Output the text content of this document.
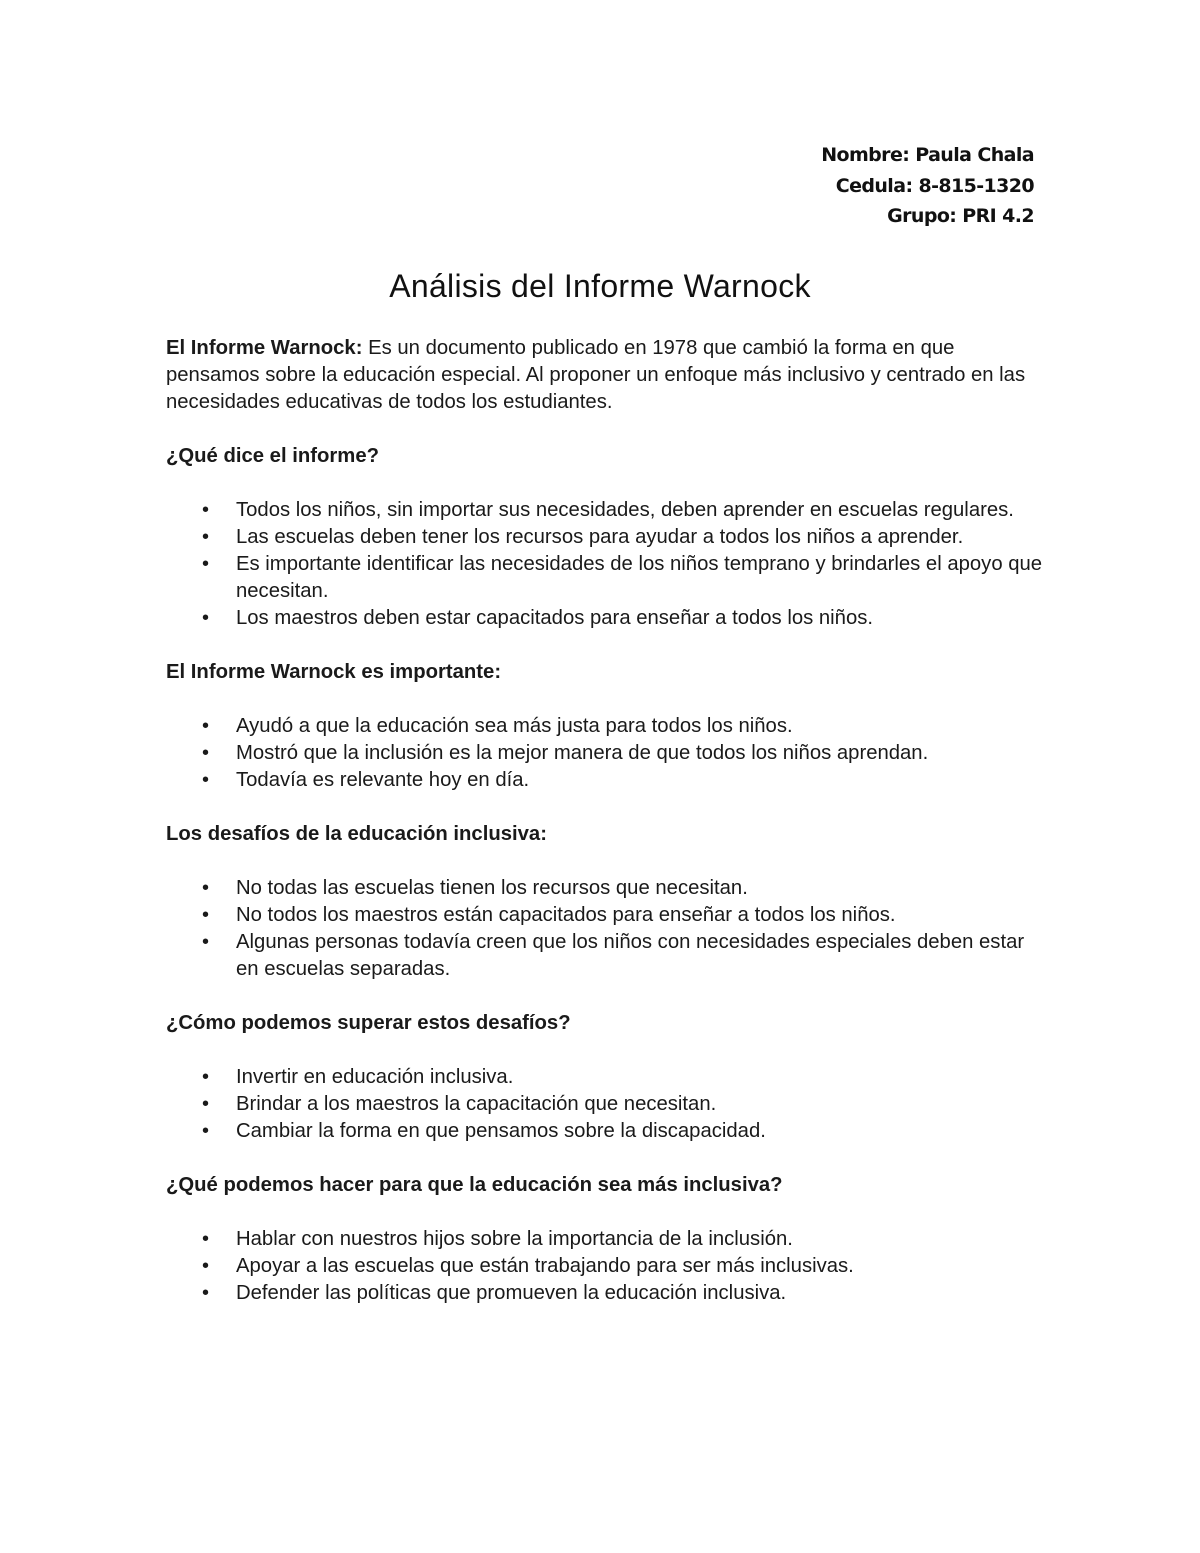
Nombre: Paula Chala
Cedula: 8-815-1320
Grupo: PRI 4.2
Análisis del Informe Warnock

El Informe Warnock: Es un documento publicado en 1978 que cambió la forma en que pensamos sobre la educación especial. Al proponer un enfoque más inclusivo y centrado en las necesidades educativas de todos los estudiantes.

¿Qué dice el informe?
• Todos los niños, sin importar sus necesidades, deben aprender en escuelas regulares.
• Las escuelas deben tener los recursos para ayudar a todos los niños a aprender.
• Es importante identificar las necesidades de los niños temprano y brindarles el apoyo que necesitan.
• Los maestros deben estar capacitados para enseñar a todos los niños.
El Informe Warnock es importante:
• Ayudó a que la educación sea más justa para todos los niños.
• Mostró que la inclusión es la mejor manera de que todos los niños aprendan.
• Todavía es relevante hoy en día.
Los desafíos de la educación inclusiva:
• No todas las escuelas tienen los recursos que necesitan.
• No todos los maestros están capacitados para enseñar a todos los niños.
• Algunas personas todavía creen que los niños con necesidades especiales deben estar en escuelas separadas.
¿Cómo podemos superar estos desafíos?
• Invertir en educación inclusiva.
• Brindar a los maestros la capacitación que necesitan.
• Cambiar la forma en que pensamos sobre la discapacidad.
¿Qué podemos hacer para que la educación sea más inclusiva?
• Hablar con nuestros hijos sobre la importancia de la inclusión.
• Apoyar a las escuelas que están trabajando para ser más inclusivas.
• Defender las políticas que promueven la educación inclusiva.
